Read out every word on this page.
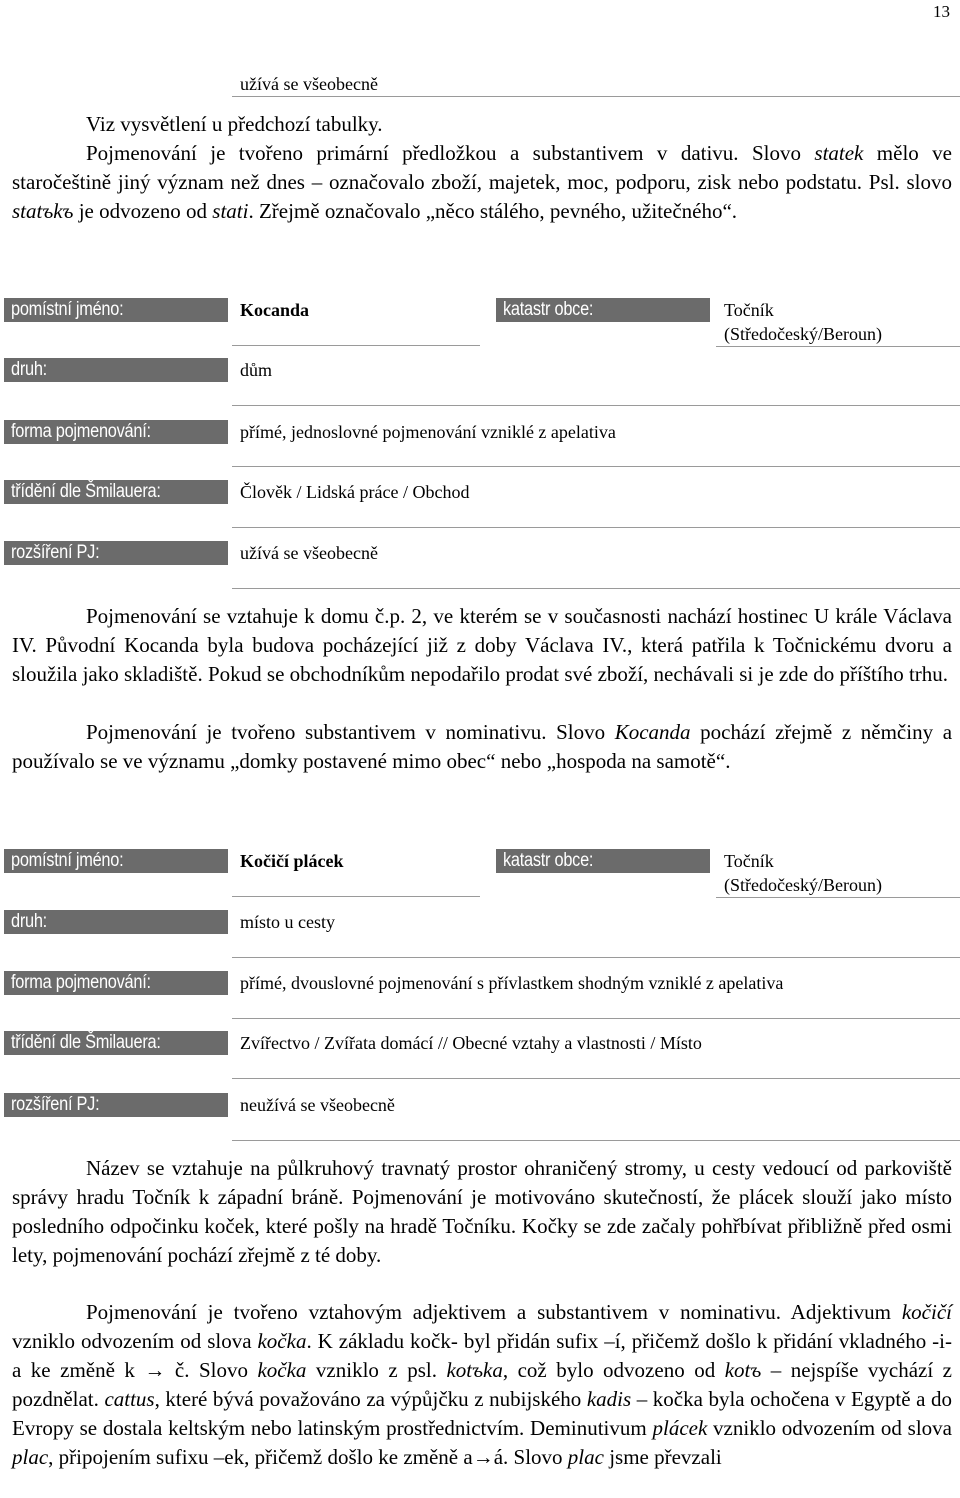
13
užívá se všeobecně

Viz vysvětlení u předchozí tabulky.

Pojmenování je tvořeno primární předložkou a substantivem v dativu. Slovo statek mělo ve staročeštině jiný význam než dnes – označovalo zboží, majetek, moc, podporu, zisk nebo podstatu. Psl. slovo statъkъ je odvozeno od stati. Zřejmě označovalo „něco stálého, pevného, užitečného“.

pomístní jméno:	Kocanda	katastr obce:	Točník
(Středočeský/Beroun)
druh:	dům
forma pojmenování:	přímé, jednoslovné pojmenování vzniklé z apelativa
třídění dle Šmilauera:	Člověk / Lidská práce / Obchod
rozšíření PJ:	užívá se všeobecně

Pojmenování se vztahuje k domu č.p. 2, ve kterém se v současnosti nachází hostinec U krále Václava IV. Původní Kocanda byla budova pocházející již z doby Václava IV., která patřila k Točnickému dvoru a sloužila jako skladiště. Pokud se obchodníkům nepodařilo prodat své zboží, nechávali si je zde do příštího trhu.

Pojmenování je tvořeno substantivem v nominativu. Slovo Kocanda pochází zřejmě z němčiny a používalo se ve významu „domky postavené mimo obec“ nebo „hospoda na samotě“.

pomístní jméno:	Kočičí plácek	katastr obce:	Točník
(Středočeský/Beroun)
druh:	místo u cesty
forma pojmenování:	přímé, dvouslovné pojmenování s přívlastkem shodným vzniklé z apelativa
třídění dle Šmilauera:	Zvířectvo / Zvířata domácí // Obecné vztahy a vlastnosti / Místo
rozšíření PJ:	neužívá se všeobecně

Název se vztahuje na půlkruhový travnatý prostor ohraničený stromy, u cesty vedoucí od parkoviště správy hradu Točník k západní bráně. Pojmenování je motivováno skutečností, že plácek slouží jako místo posledního odpočinku koček, které pošly na hradě Točníku. Kočky se zde začaly pohřbívat přibližně před osmi lety, pojmenování pochází zřejmě z té doby.

Pojmenování je tvořeno vztahovým adjektivem a substantivem v nominativu. Adjektivum kočičí vzniklo odvozením od slova kočka. K základu kočk- byl přidán sufix –í, přičemž došlo k přidání vkladného -i- a ke změně k → č. Slovo kočka vzniklo z psl. kotъka, což bylo odvozeno od kotъ – nejspíše vychází z pozdnělat. cattus, které bývá považováno za výpůjčku z nubijského kadis – kočka byla ochočena v Egyptě a do Evropy se dostala keltským nebo latinským prostřednictvím. Deminutivum plácek vzniklo odvozením od slova plac, připojením sufixu –ek, přičemž došlo ke změně a→á. Slovo plac jsme převzali
